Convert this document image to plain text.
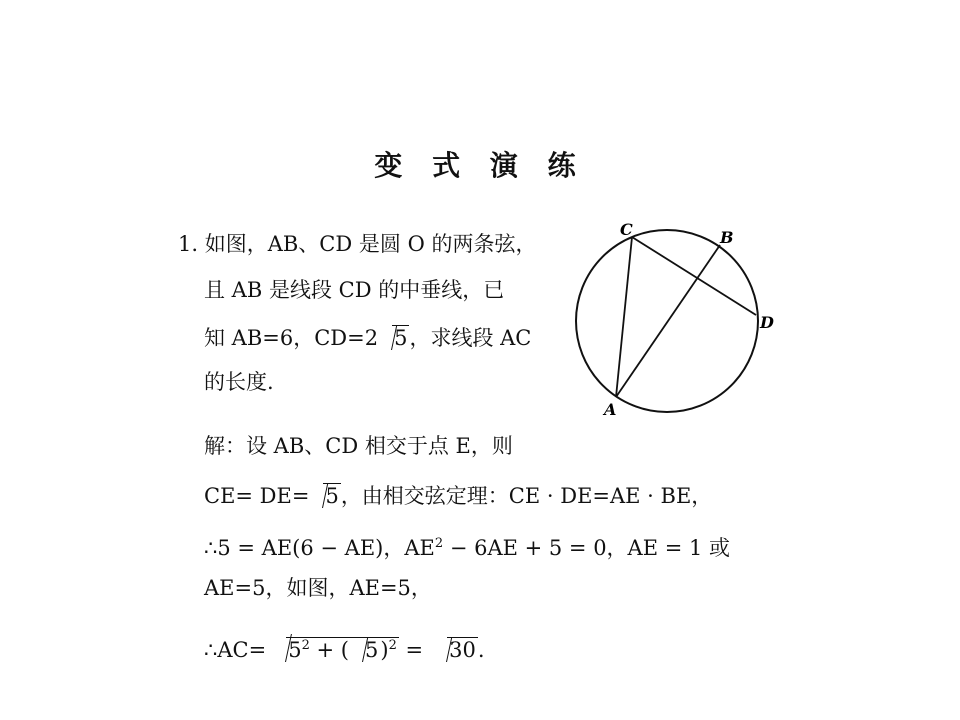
变 式 演 练
1. 如图，AB、CD 是圆 O 的两条弦，
且 AB 是线段 CD 的中垂线，已
知 AB=6，CD=2 5，求线段 AC
的长度.
解：设 AB、CD 相交于点 E，则
CE= DE= 5，由相交弦定理：CE · DE=AE · BE，
∴5 = AE(6 − AE)，$AE^2 - 6AE + 5 = 0$，AE = 1 或
AE=5，如图，AE=5，
∴AC= $5^2$ + ( 5)$^2$ = 30.
C	B
D
A
